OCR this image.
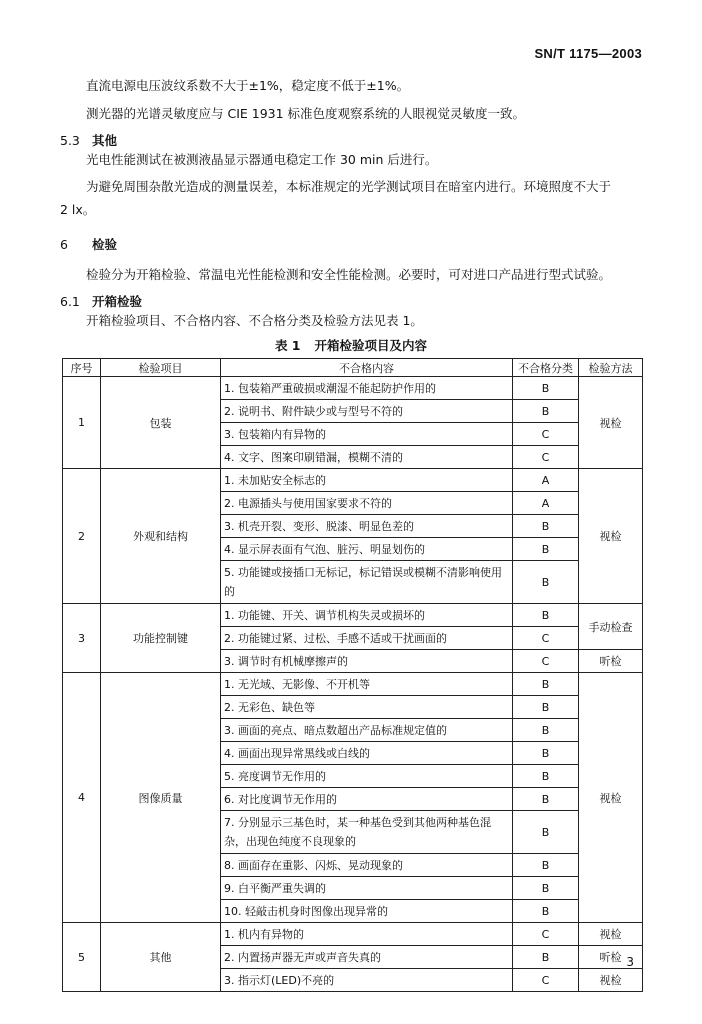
SN/T 1175—2003
直流电源电压波纹系数不大于±1%，稳定度不低于±1%。
测光器的光谱灵敏度应与 CIE 1931 标准色度观察系统的人眼视觉灵敏度一致。
5.3 其他
光电性能测试在被测液晶显示器通电稳定工作 30 min 后进行。
为避免周围杂散光造成的测量误差，本标准规定的光学测试项目在暗室内进行。环境照度不大于
2 lx。
6 检验
检验分为开箱检验、常温电光性能检测和安全性能检测。必要时，可对进口产品进行型式试验。
6.1 开箱检验
开箱检验项目、不合格内容、不合格分类及检验方法见表 1。
表 1 开箱检验项目及内容
序号	检验项目	不合格内容	不合格分类	检验方法
1	包装	1. 包装箱严重破损或潮湿不能起防护作用的	B	视检
		2. 说明书、附件缺少或与型号不符的	B	
		3. 包装箱内有异物的	C	
		4. 文字、图案印刷错漏，模糊不清的	C	
2	外观和结构	1. 未加贴安全标志的	A	视检
		2. 电源插头与使用国家要求不符的	A	
		3. 机壳开裂、变形、脱漆、明显色差的	B	
		4. 显示屏表面有气泡、脏污、明显划伤的	B	
		5. 功能键或接插口无标记，标记错误或模糊不清影响使用的	B	
3	功能控制键	1. 功能键、开关、调节机构失灵或损坏的	B	手动检查
		2. 功能键过紧、过松、手感不适或干扰画面的	C	
		3. 调节时有机械摩擦声的	C	听检
4	图像质量	1. 无光域、无影像、不开机等	B	视检
		2. 无彩色、缺色等	B	
		3. 画面的亮点、暗点数超出产品标准规定值的	B	
		4. 画面出现异常黑线或白线的	B	
		5. 亮度调节无作用的	B	
		6. 对比度调节无作用的	B	
		7. 分别显示三基色时，某一种基色受到其他两种基色混杂，出现色纯度不良现象的	B	
		8. 画面存在重影、闪烁、晃动现象的	B	
		9. 白平衡严重失调的	B	
		10. 轻敲击机身时图像出现异常的	B	
5	其他	1. 机内有异物的	C	视检
		2. 内置扬声器无声或声音失真的	B	听检
		3. 指示灯(LED)不亮的	C	视检
3
